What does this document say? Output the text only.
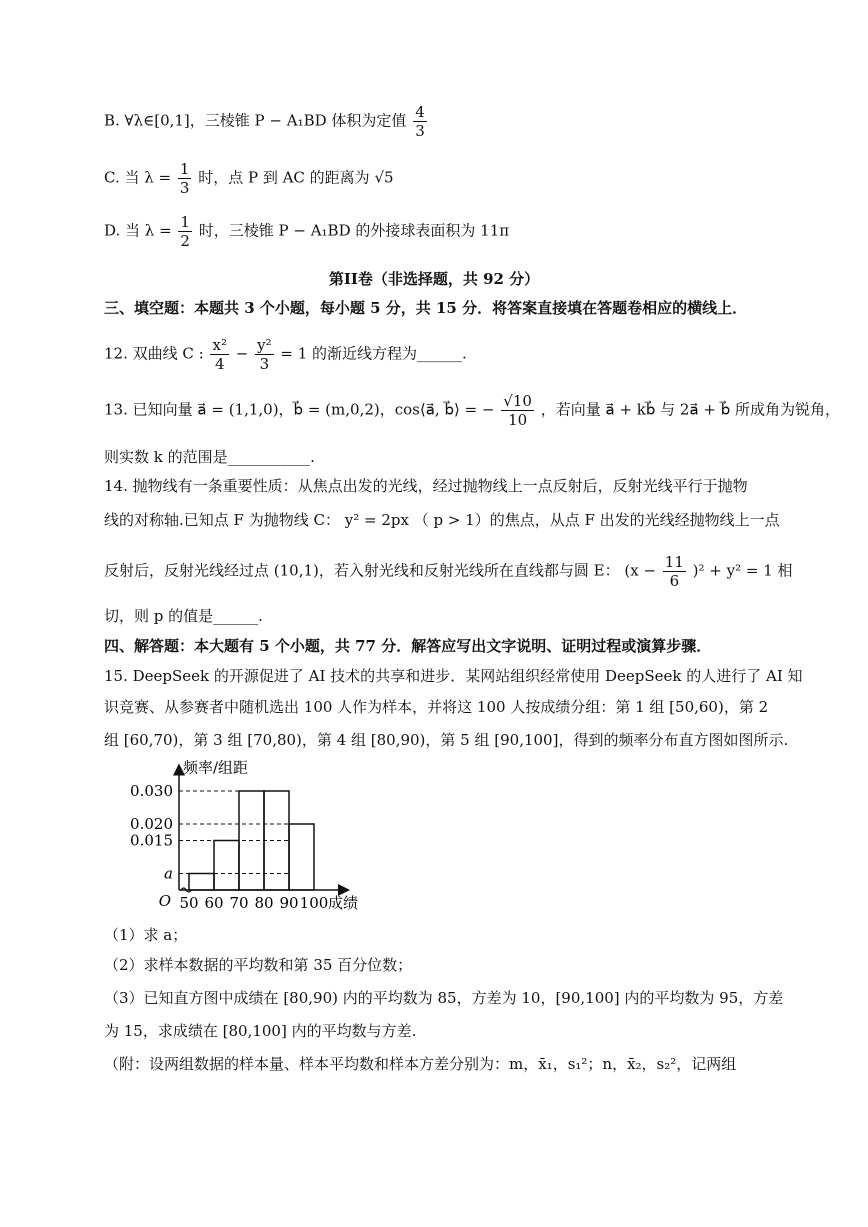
B. ∀λ∈[0,1]，三棱锥 P − A₁BD 体积为定值 $\frac{4}{3}$
C. 当 $\lambda = \frac{1}{3}$ 时，点 P 到 AC 的距离为 √5
D. 当 $\lambda = \frac{1}{2}$ 时，三棱锥 P − A₁BD 的外接球表面积为 11π
第II卷（非选择题，共 92 分）
三、填空题：本题共 3 个小题，每小题 5 分，共 15 分．将答案直接填在答题卷相应的横线上．
12. 双曲线 C : $\frac{\text{x²}}{4} - \frac{\text{y²}}{3} = 1$ 的渐近线方程为______.
13. 已知向量 a⃗ = (1,1,0)，b⃗ = (m,0,2)，cos⟨a⃗, b⃗⟩ = − $\frac{√10}{10}$ ，若向量 a⃗ + kb⃗ 与 2a⃗ + b⃗ 所成角为锐角，
则实数 k 的范围是___________.
14. 抛物线有一条重要性质：从焦点出发的光线，经过抛物线上一点反射后，反射光线平行于抛物
线的对称轴.已知点 F 为抛物线 C： y² = 2px （ p > 1）的焦点，从点 F 出发的光线经抛物线上一点
反射后，反射光线经过点 (10,1)，若入射光线和反射光线所在直线都与圆 E： $(x - \frac{11}{6} )^2 + y^2 = 1$ 相
切，则 p 的值是______.
四、解答题：本大题有 5 个小题，共 77 分．解答应写出文字说明、证明过程或演算步骤．
15. DeepSeek 的开源促进了 AI 技术的共享和进步．某网站组织经常使用 DeepSeek 的人进行了 AI 知
识竞赛、从参赛者中随机选出 100 人作为样本，并将这 100 人按成绩分组：第 1 组 [50,60)，第 2
组 [60,70)，第 3 组 [70,80)，第 4 组 [80,90)，第 5 组 [90,100]，得到的频率分布直方图如图所示.
a
0.015
0.020
0.030
50 60 70 80 90 100 成绩
频率/组距
O
（1）求 a；
（2）求样本数据的平均数和第 35 百分位数；
（3）已知直方图中成绩在 [80,90) 内的平均数为 85，方差为 10，[90,100] 内的平均数为 95，方差
为 15，求成绩在 [80,100] 内的平均数与方差.
（附：设两组数据的样本量、样本平均数和样本方差分别为：m，x̄₁，s₁²；n，x̄₂，s₂²，记两组
